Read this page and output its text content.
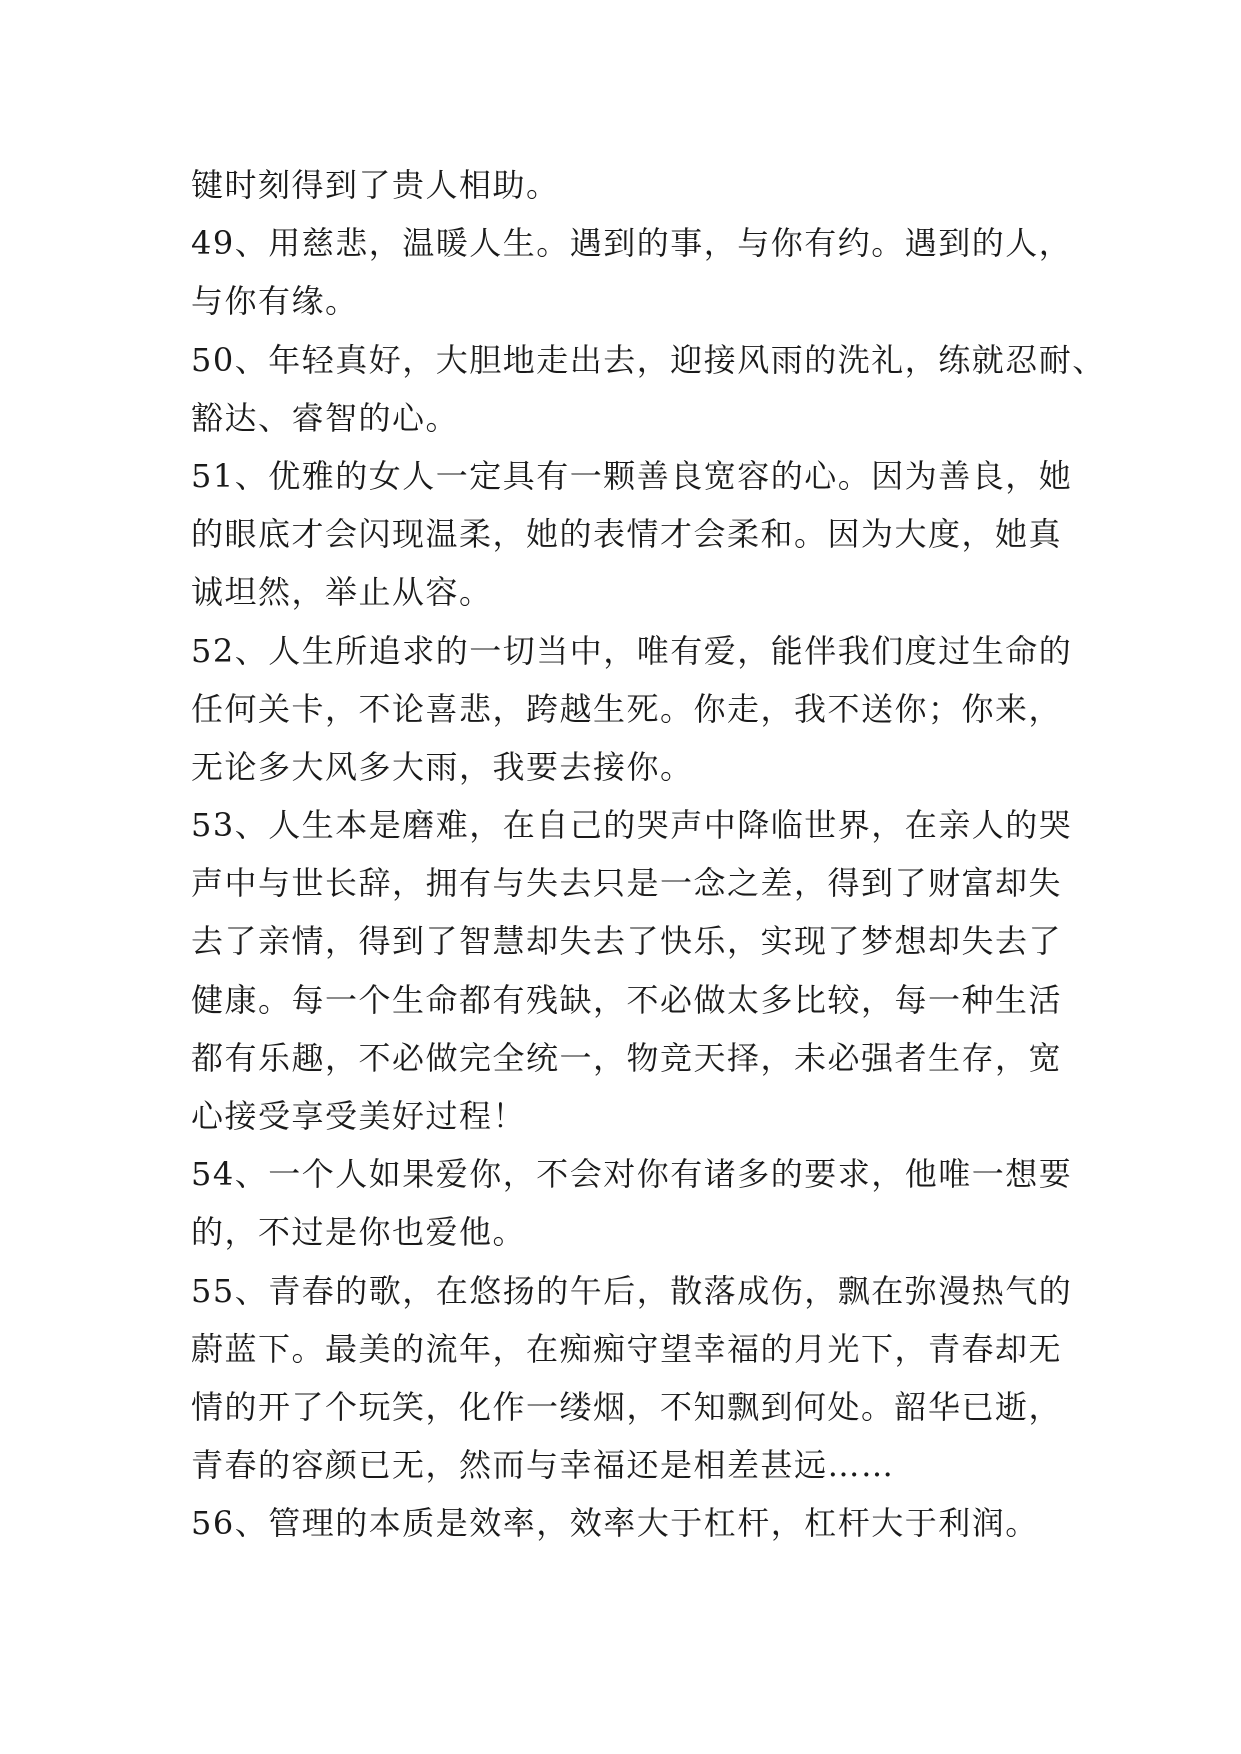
键时刻得到了贵人相助。
49、用慈悲，温暖人生。遇到的事，与你有约。遇到的人，
与你有缘。
50、年轻真好，大胆地走出去，迎接风雨的洗礼，练就忍耐、
豁达、睿智的心。
51、优雅的女人一定具有一颗善良宽容的心。因为善良，她
的眼底才会闪现温柔，她的表情才会柔和。因为大度，她真
诚坦然，举止从容。
52、人生所追求的一切当中，唯有爱，能伴我们度过生命的
任何关卡，不论喜悲，跨越生死。你走，我不送你；你来，
无论多大风多大雨，我要去接你。
53、人生本是磨难，在自己的哭声中降临世界，在亲人的哭
声中与世长辞，拥有与失去只是一念之差，得到了财富却失
去了亲情，得到了智慧却失去了快乐，实现了梦想却失去了
健康。每一个生命都有残缺，不必做太多比较，每一种生活
都有乐趣，不必做完全统一，物竞天择，未必强者生存，宽
心接受享受美好过程！
54、一个人如果爱你，不会对你有诸多的要求，他唯一想要
的，不过是你也爱他。
55、青春的歌，在悠扬的午后，散落成伤，飘在弥漫热气的
蔚蓝下。最美的流年，在痴痴守望幸福的月光下，青春却无
情的开了个玩笑，化作一缕烟，不知飘到何处。韶华已逝，
青春的容颜已无，然而与幸福还是相差甚远……
56、管理的本质是效率，效率大于杠杆，杠杆大于利润。
